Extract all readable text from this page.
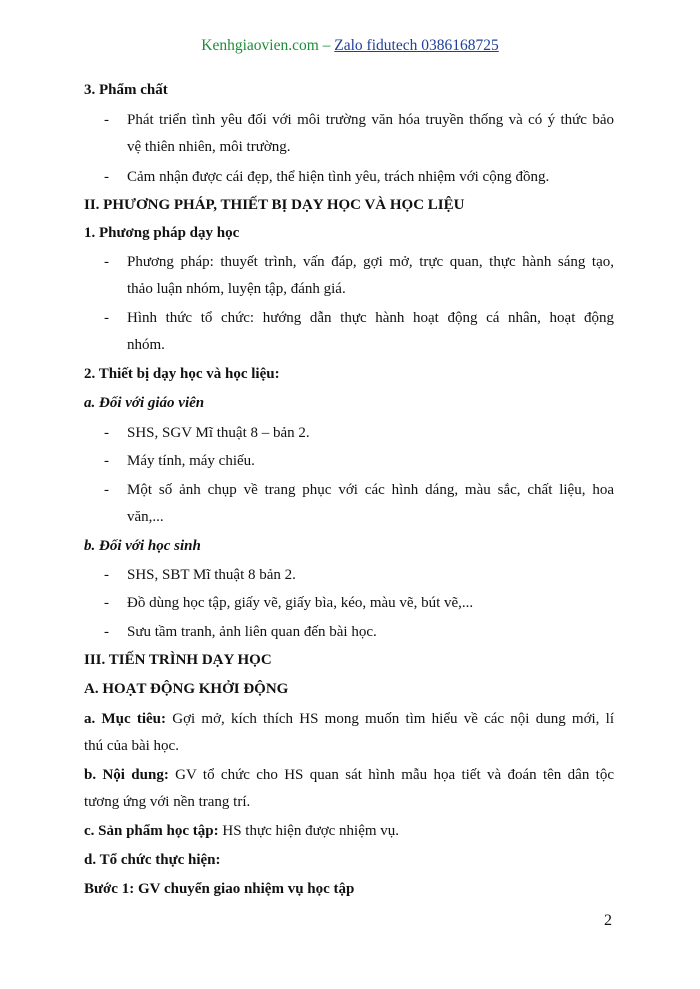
Kenhgiaovien.com – Zalo fidutech 0386168725
3. Phẩm chất
- Phát triển tình yêu đối với môi trường văn hóa truyền thống và có ý thức bảo
vệ thiên nhiên, môi trường.
- Cảm nhận được cái đẹp, thể hiện tình yêu, trách nhiệm với cộng đồng.
II. PHƯƠNG PHÁP, THIẾT BỊ DẠY HỌC VÀ HỌC LIỆU
1. Phương pháp dạy học
- Phương pháp: thuyết trình, vấn đáp, gợi mở, trực quan, thực hành sáng tạo,
thảo luận nhóm, luyện tập, đánh giá.
- Hình thức tổ chức: hướng dẫn thực hành hoạt động cá nhân, hoạt động
nhóm.
2. Thiết bị dạy học và học liệu:
a. Đối với giáo viên
- SHS, SGV Mĩ thuật 8 – bản 2.
- Máy tính, máy chiếu.
- Một số ảnh chụp về trang phục với các hình dáng, màu sắc, chất liệu, hoa
văn,...
b. Đối với học sinh
- SHS, SBT Mĩ thuật 8 bản 2.
- Đồ dùng học tập, giấy vẽ, giấy bìa, kéo, màu vẽ, bút vẽ,...
- Sưu tầm tranh, ảnh liên quan đến bài học.
III. TIẾN TRÌNH DẠY HỌC
A. HOẠT ĐỘNG KHỞI ĐỘNG
a. Mục tiêu: Gợi mở, kích thích HS mong muốn tìm hiểu về các nội dung mới, lí
thú của bài học.
b. Nội dung: GV tổ chức cho HS quan sát hình mẫu họa tiết và đoán tên dân tộc
tương ứng với nền trang trí.
c. Sản phẩm học tập: HS thực hiện được nhiệm vụ.
d. Tổ chức thực hiện:
Bước 1: GV chuyển giao nhiệm vụ học tập
2
